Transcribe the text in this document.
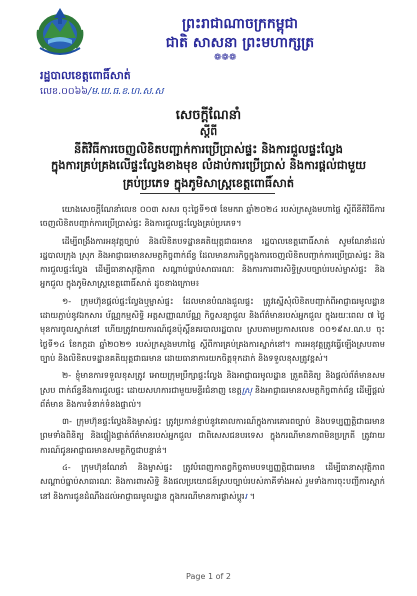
ព្រះរាជាណាចក្រកម្ពុជា
ជាតិ សាសនា ព្រះមហាក្សត្រ
❁❁❁
រដ្ឋបាលខេត្តពោធិ៍សាត់
លេខ.០០៦៦/ម.ឃ.ធ.ខ.ហ.ស.ស
សេចក្តីណែនាំ
ស្តីពី
នីតិវិធីការចេញលិខិតបញ្ជាក់ការប្រើប្រាស់ផ្ទះ និងការជួលផ្ទះល្វែង
ក្នុងការគ្រប់គ្រងលើផ្ទះល្វែងខាងមុខ លំដាប់ការប្រើប្រាស់ និងការផ្តល់ជាមួយ
គ្រប់ប្រភេទ ក្នុងភូមិសាស្ត្រខេត្តពោធិ៍សាត់

យោងសេចក្តីណែនាំលេខ ០០៣ សសរ ចុះថ្ងៃទី១៧ ខែមករា ឆ្នាំ២០២៤ របស់ក្រសួងមហាផ្ទៃ ស្តីពីនីតិវិធីការចេញលិខិតបញ្ជាក់ការប្រើប្រាស់ផ្ទះ និងការជួលផ្ទះល្វែងគ្រប់ប្រភេទ។

ដើម្បីពង្រឹងការអនុវត្តច្បាប់ និងលិខិតបទដ្ឋានគតិយុត្តជាធរមាន រដ្ឋបាលខេត្តពោធិ៍សាត់ សូមណែនាំដល់រដ្ឋបាលក្រុង ស្រុក និងអាជ្ញាធរមានសមត្ថកិច្ចពាក់ព័ន្ធ ដែលមានភារកិច្ចក្នុងការចេញលិខិតបញ្ជាក់ការប្រើប្រាស់ផ្ទះ និងការជួលផ្ទះល្វែង ដើម្បីធានាសុវត្ថិភាព សណ្តាប់ធ្នាប់សាធារណៈ និងការការពារសិទ្ធិស្របច្បាប់របស់ម្ចាស់ផ្ទះ និងអ្នកជួល ក្នុងភូមិសាស្ត្រខេត្តពោធិ៍សាត់ ដូចខាងក្រោម៖

១- ក្រុមហ៊ុនផ្តល់ផ្ទះល្វែងឬម្ចាស់ផ្ទះ ដែលមានបំណងជួលផ្ទះ ត្រូវស្នើសុំលិខិតបញ្ជាក់ពីអាជ្ញាធរមូលដ្ឋាន ដោយភ្ជាប់នូវឯកសារ ប័ណ្ណកម្មសិទ្ធិ អត្តសញ្ញាណប័ណ្ណ កិច្ចសន្យាជួល និងព័ត៌មានរបស់អ្នកជួល ក្នុងរយៈពេល ៧ ថ្ងៃមុនការចូលស្នាក់នៅ ហើយត្រូវរាយការណ៍ជូនប៉ុស្តិ៍នគរបាលរដ្ឋបាល ស្របតាមប្រកាសលេខ ០០១៩ស.ណ.ប ចុះថ្ងៃទី១៤ ខែកក្កដា ឆ្នាំ២០២១ របស់ក្រសួងមហាផ្ទៃ ស្តីពីការគ្រប់គ្រងការស្នាក់នៅ។ ការអនុវត្តត្រូវធ្វើឡើងស្របតាមច្បាប់ និងលិខិតបទដ្ឋានគតិយុត្តជាធរមាន ដោយធានាការយកចិត្តទុកដាក់ និងទទួលខុសត្រូវខ្ពស់។

២- ខ្ញុំមានការទទួលខុសត្រូវ អោយក្រុមប្រឹក្សាផ្ទះល្វែង និងអាជ្ញាធរមូលដ្ឋាន ត្រួតពិនិត្យ និងផ្តល់ព័ត៌មានសមស្រប ពាក់ព័ន្ធនឹងការជួលផ្ទះ ដោយសហការជាមួយមន្ទីរជំនាញ ខេត្តស្រុ និងអាជ្ញាធរមានសមត្ថកិច្ចពាក់ព័ន្ធ ដើម្បីផ្តល់ព័ត៌មាន និងការទំនាក់ទំនងផ្ទាល់។

៣- ក្រុមហ៊ុនផ្ទះល្វែងនិងម្ចាស់ផ្ទះ ត្រូវប្រកាន់ខ្ជាប់នូវគោលការណ៍ក្នុងការគោរពច្បាប់ និងបទប្បញ្ញត្តិជាធរមាន ព្រមទាំងពិនិត្យ និងផ្ទៀងផ្ទាត់ព័ត៌មានរបស់អ្នកជួល ជាពិសេសជនបរទេស ក្នុងករណីមានភាពមិនប្រក្រតី ត្រូវរាយការណ៍ជូនអាជ្ញាធរមានសមត្ថកិច្ចជាបន្ទាន់។

៤- ក្រុមហ៊ុនណែនាំ និងម្ចាស់ផ្ទះ ត្រូវបំពេញកាតព្វកិច្ចតាមបទប្បញ្ញត្តិជាធរមាន ដើម្បីធានាសុវត្ថិភាព សណ្តាប់ធ្នាប់សាធារណៈ និងការពារសិទ្ធិ និងផលប្រយោជន៍ស្របច្បាប់របស់ភាគីទាំងអស់ រួមទាំងការចុះបញ្ជីការស្នាក់នៅ និងការជូនដំណឹងដល់អាជ្ញាធរមូលដ្ឋាន ក្នុងករណីមានការផ្លាស់ប្តូររ ។

Page 1 of 2
